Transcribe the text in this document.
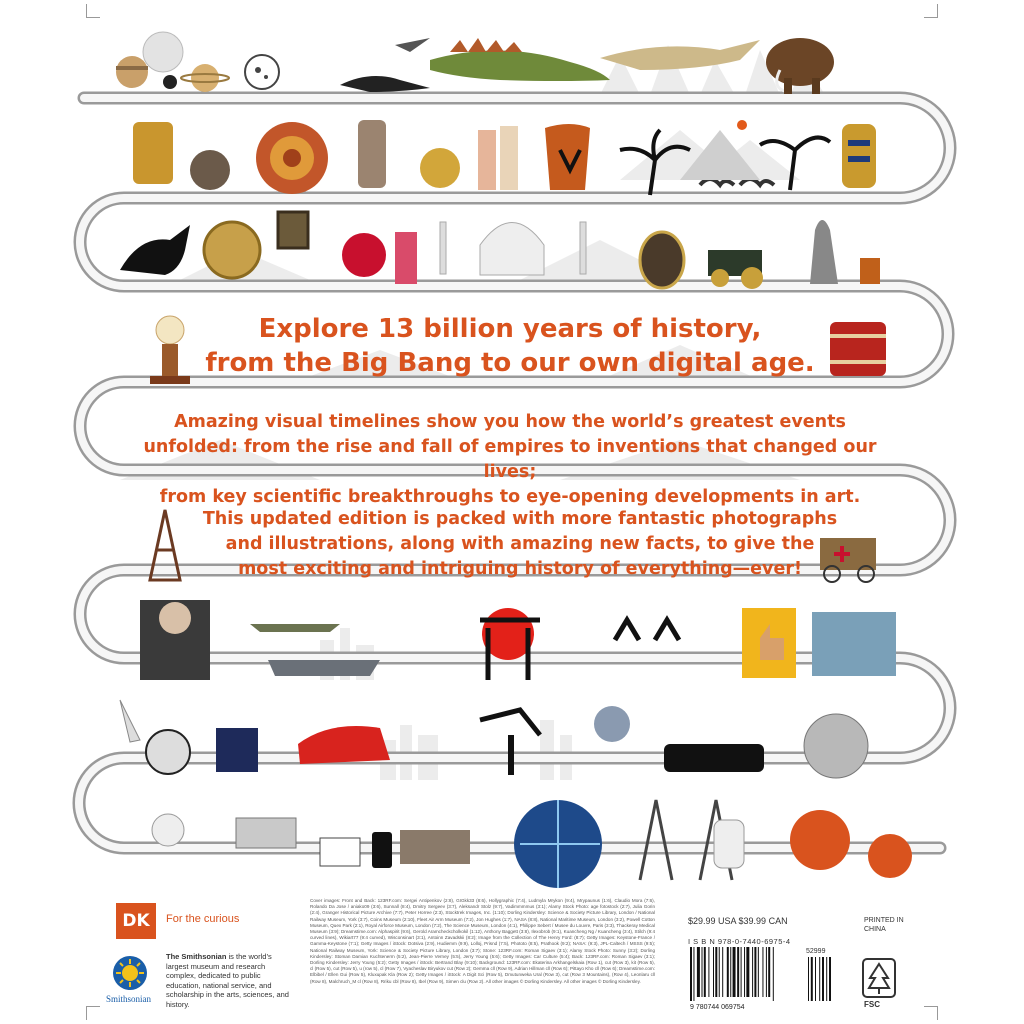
Explore 13 billion years of history,
from the Big Bang to our own digital age.
Amazing visual timelines show you how the world’s greatest events
unfolded: from the rise and fall of empires to inventions that changed our lives;
from key scientific breakthroughs to eye-opening developments in art.
This updated edition is packed with more fantastic photographs
and illustrations, along with amazing new facts, to give the
most exciting and intriguing history of everything—ever!
DK	For the curious
Smithsonian
The Smithsonian is the world’s largest museum and research complex, dedicated to public education, national service, and scholarship in the arts, sciences, and history.
Cover images: Front and Back: 123RF.com: Sergei Antipenkov (2:8), GIGkk33 (8:6), Hollygraphic (7:4), Ludmyla Mrykon (9:4), Mrypaunus (1:6), Claudio Mora (7:6), Rolando Da Jose / aniako09 (3:6), Sunnall (8:4), Dmitry Sergeev (3:7), Aleksandr Stolz (9:7), Vadimmmmus (3:1); Alamy Stock Photo: age fotostock (2:7), Julia Gorin (2:4), Granger Historical Picture Archive (7:7), Peter Horree (2:3), Stocktrek Images, Inc. (1:10); Dorling Kindersley: Science & Society Picture Library, London / National Railway Museum, York (3:7), Coins Museum (2:10), Fleet Air Arm Museum (7:2), Jon Hughes (1:7), NASA (8:8), National Maritime Museum, London (3:2), Powell Cotton Museum, Quex Park (2:1), Royal Airforce Museum, London (7:2), The Science Museum, London (4:1), Philippe Sebert / Musee du Louvre, Paris (3:3), Thackeray Medical Museum (3:9); Dreamstime.com: Alphaspirit (9:6), Gerold Aramcheckcholkokil (1:12), Anthony Baggett (3:8), Ilexobrob (9:1), Kuancheng Ng / Kuancheng (3:4), Stilch (9:4 curved lines), Wikiart77 (9:4 curved), Wisconsinart (3:1), Antoinn Zavadskii (8:2); Image from the Collection of The Henry Ford: (8:7); Getty Images: Keystone-France / Gamma-Keystone (7:1); Getty Images / iStock: Dotsiva (2:9), Hudiemm (9:9), Lolloj, Prisnd (7:5), Phototo (8:5), Prathook (9:2); NASA: (9:3), JPL-Caltech / MSSS (9:5); National Railway Museum, York: Science & Society Picture Library, London (3:7); Stone: 123RF.com: Roman Sigaev (3:1); Alamy Stock Photo: Sunny (3:2); Dorling Kindersley: Stoman Damian Kuchtenerm (5:2), Jean-Pierre Verney (5:5), Jerry Young (5:6); Getty Images: Car Culture (5:4); Back: 123RF.com: Roman Sigaev (3:1); Dorling Kindersley: Jerry Young (5:2); Getty Images / iStock: Bertrand Blay (9:10); Background: 123RF.com: Ekaterina Arkhangelskaia (Row 1), cut (Row 3), kit (Row 5), cl (Row 5), cut (Row 5), u (row 5), cl (Row 7), Vyacheslav Biryukov cut (Row 2); Gemma cll (Row 9), Adrian Hillman cll (Row 6); Pittayo Kho cll (Row 6); Dreamstime.com: Elbibel / Ellen Gui (Row 5), Kluxupak Kla (Row 2); Getty Images / iStock: A Digit Sci (Row 5), Dmutunweka Ural (Row 3), cut (Row 3 Mountains), (Row 4), Leonlaru cll (Row 8), Malchruch_M cl (Row 8), Rriku cbl (Row 8), Ibel (Row 9), Simen clu (Row 2). All other images © Dorling Kindersley. All other images © Dorling Kindersley.
$29.99 USA $39.99 CAN	PRINTED IN CHINA
I S B N 978-0-7440-6975-4
9 780744 069754
52999
FSC
